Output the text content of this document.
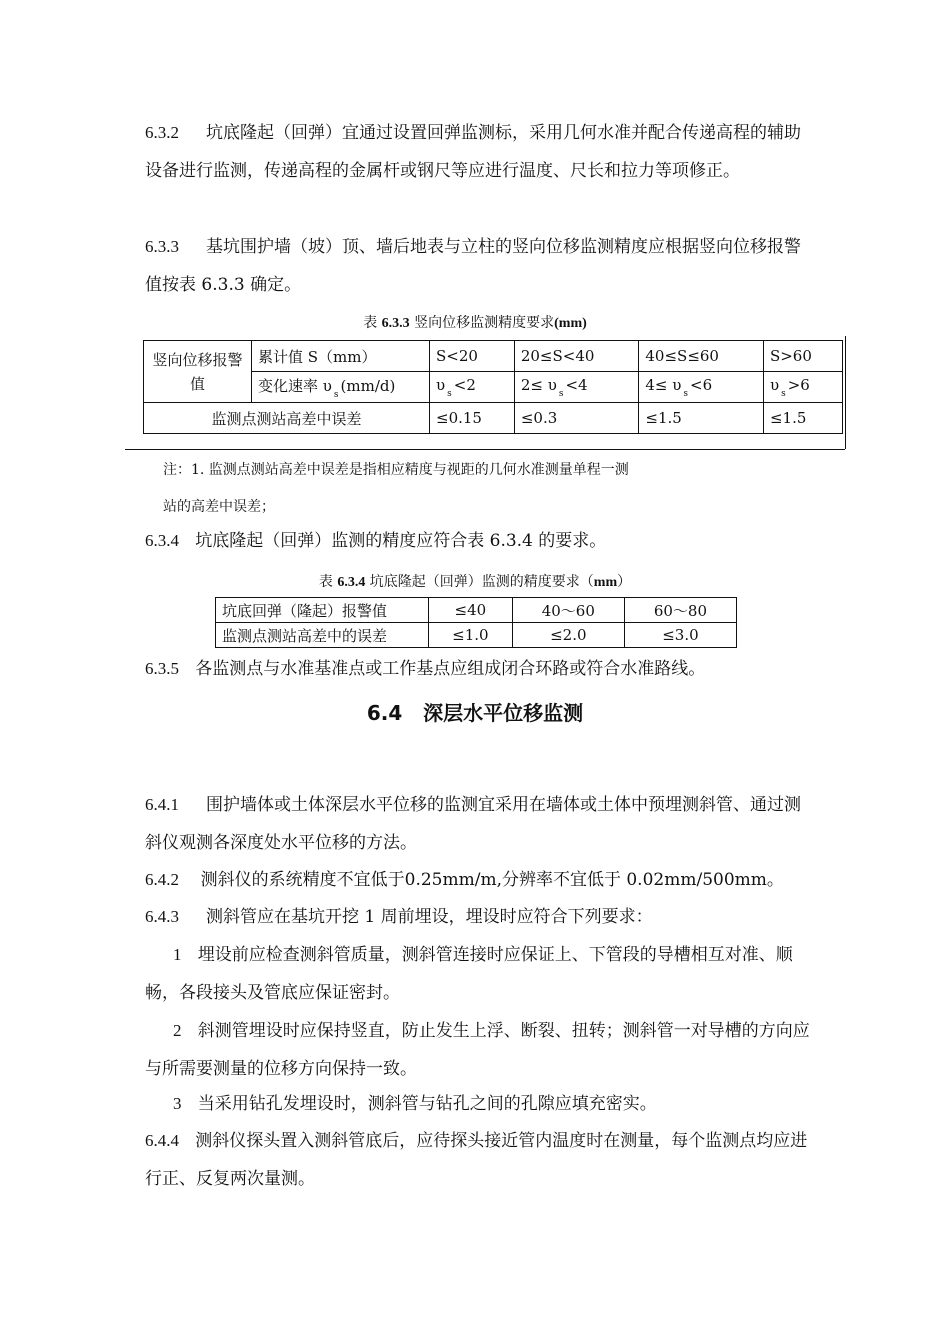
6.3.2 坑底隆起（回弹）宜通过设置回弹监测标，采用几何水准并配合传递高程的辅助设备进行监测，传递高程的金属杆或钢尺等应进行温度、尺长和拉力等项修正。

6.3.3 基坑围护墙（坡）顶、墙后地表与立柱的竖向位移监测精度应根据竖向位移报警值按表 6.3.3 确定。

表 6.3.3 竖向位移监测精度要求(mm)
竖向位移报警值	累计值 S（mm）	S<20	20≤S<40	40≤S≤60	S>60
	变化速率 υ $_s$ (mm/d)	υ $_s$ <2	2≤ υ $_s$ <4	4≤ υ $_s$ <6	υ $_s$ >6
监测点测站高差中误差		≤0.15	≤0.3	≤1.5	≤1.5
注：1. 监测点测站高差中误差是指相应精度与视距的几何水准测量单程一测
站的高差中误差；

6.3.4 坑底隆起（回弹）监测的精度应符合表 6.3.4 的要求。

表 6.3.4 坑底隆起（回弹）监测的精度要求（mm）
坑底回弹（隆起）报警值	≤40	40～60	60～80
监测点测站高差中的误差	≤1.0	≤2.0	≤3.0

6.3.5 各监测点与水准基准点或工作基点应组成闭合环路或符合水准路线。

6.4 深层水平位移监测

6.4.1 围护墙体或土体深层水平位移的监测宜采用在墙体或土体中预埋测斜管、通过测斜仪观测各深度处水平位移的方法。

6.4.2 测斜仪的系统精度不宜低于0.25mm/m,分辨率不宜低于 0.02mm/500mm。

6.4.3 测斜管应在基坑开挖 1 周前埋设，埋设时应符合下列要求：

1 埋设前应检查测斜管质量，测斜管连接时应保证上、下管段的导槽相互对准、顺畅，各段接头及管底应保证密封。

2 斜测管埋设时应保持竖直，防止发生上浮、断裂、扭转；测斜管一对导槽的方向应与所需要测量的位移方向保持一致。

3 当采用钻孔发埋设时，测斜管与钻孔之间的孔隙应填充密实。

6.4.4 测斜仪探头置入测斜管底后，应待探头接近管内温度时在测量，每个监测点均应进行正、反复两次量测。
